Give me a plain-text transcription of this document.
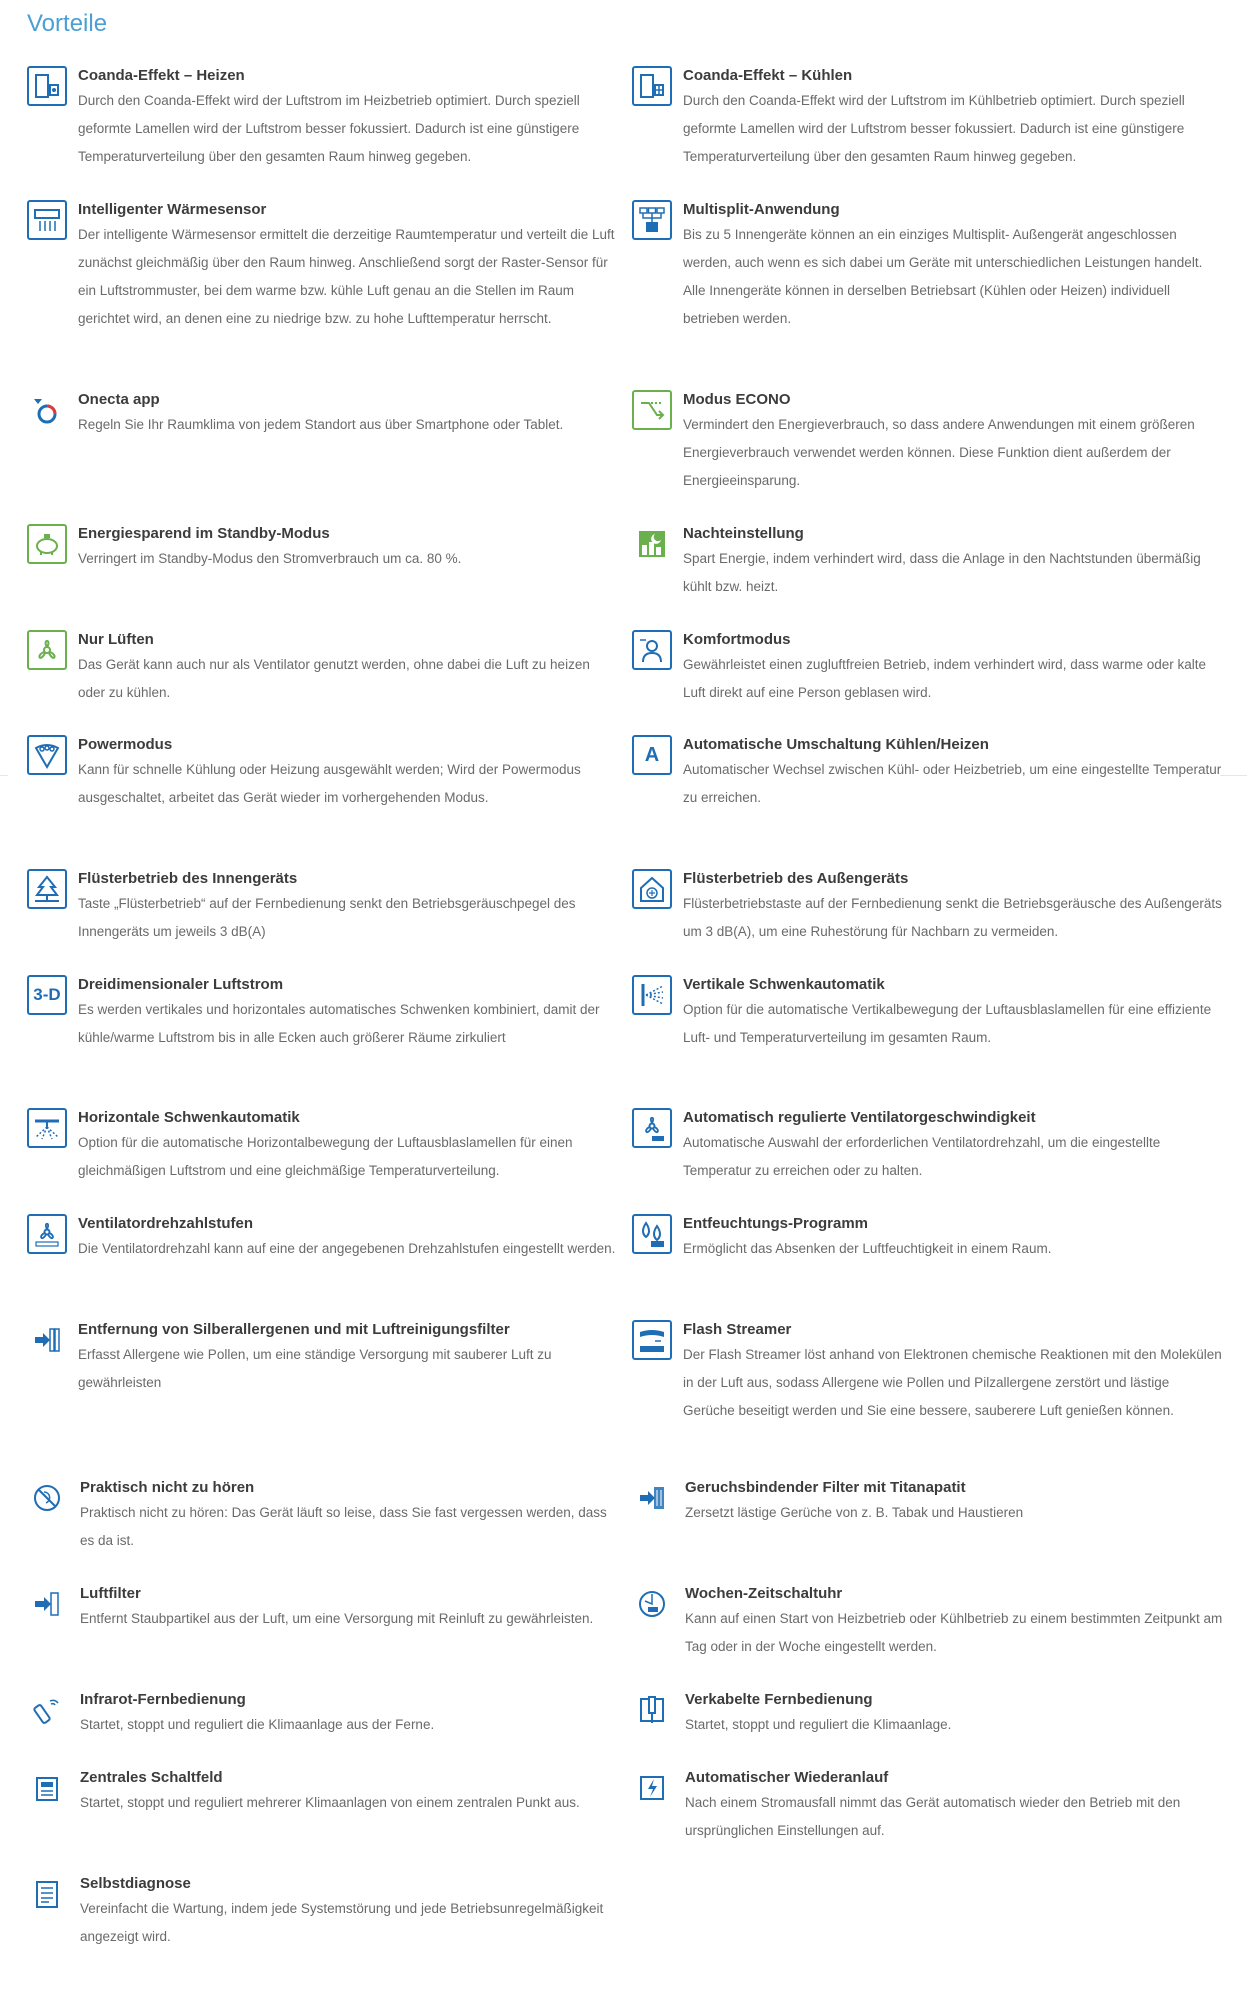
Vorteile
Coanda-Effekt – Heizen
Durch den Coanda-Effekt wird der Luftstrom im Heizbetrieb optimiert. Durch speziell geformte Lamellen wird der Luftstrom besser fokussiert. Dadurch ist eine günstigere Temperaturverteilung über den gesamten Raum hinweg gegeben.
Intelligenter Wärmesensor
Der intelligente Wärmesensor ermittelt die derzeitige Raumtemperatur und verteilt die Luft zunächst gleichmäßig über den Raum hinweg. Anschließend sorgt der Raster-Sensor für ein Luftstrommuster, bei dem warme bzw. kühle Luft genau an die Stellen im Raum gerichtet wird, an denen eine zu niedrige bzw. zu hohe Lufttemperatur herrscht.
Onecta app
Regeln Sie Ihr Raumklima von jedem Standort aus über Smartphone oder Tablet.
Energiesparend im Standby-Modus
Verringert im Standby-Modus den Stromverbrauch um ca. 80 %.
Nur Lüften
Das Gerät kann auch nur als Ventilator genutzt werden, ohne dabei die Luft zu heizen oder zu kühlen.
Powermodus
Kann für schnelle Kühlung oder Heizung ausgewählt werden; Wird der Powermodus ausgeschaltet, arbeitet das Gerät wieder im vorhergehenden Modus.
Flüsterbetrieb des Innengeräts
Taste „Flüsterbetrieb“ auf der Fernbedienung senkt den Betriebsgeräuschpegel des Innengeräts um jeweils 3 dB(A)
3-D
Dreidimensionaler Luftstrom
Es werden vertikales und horizontales automatisches Schwenken kombiniert, damit der kühle/warme Luftstrom bis in alle Ecken auch größerer Räume zirkuliert
Horizontale Schwenkautomatik
Option für die automatische Horizontalbewegung der Luftausblaslamellen für einen gleichmäßigen Luftstrom und eine gleichmäßige Temperaturverteilung.
Ventilatordrehzahlstufen
Die Ventilatordrehzahl kann auf eine der angegebenen Drehzahlstufen eingestellt werden.
Entfernung von Silberallergenen und mit Luftreinigungsfilter
Erfasst Allergene wie Pollen, um eine ständige Versorgung mit sauberer Luft zu gewährleisten
Praktisch nicht zu hören
Praktisch nicht zu hören: Das Gerät läuft so leise, dass Sie fast vergessen werden, dass es da ist.
Luftfilter
Entfernt Staubpartikel aus der Luft, um eine Versorgung mit Reinluft zu gewährleisten.
Infrarot-Fernbedienung
Startet, stoppt und reguliert die Klimaanlage aus der Ferne.
Zentrales Schaltfeld
Startet, stoppt und reguliert mehrerer Klimaanlagen von einem zentralen Punkt aus.
Selbstdiagnose
Vereinfacht die Wartung, indem jede Systemstörung und jede Betriebsunregelmäßigkeit angezeigt wird.
Coanda-Effekt – Kühlen
Durch den Coanda-Effekt wird der Luftstrom im Kühlbetrieb optimiert. Durch speziell geformte Lamellen wird der Luftstrom besser fokussiert. Dadurch ist eine günstigere Temperaturverteilung über den gesamten Raum hinweg gegeben.
Multisplit-Anwendung
Bis zu 5 Innengeräte können an ein einziges Multisplit- Außengerät angeschlossen werden, auch wenn es sich dabei um Geräte mit unterschiedlichen Leistungen handelt. Alle Innengeräte können in derselben Betriebsart (Kühlen oder Heizen) individuell betrieben werden.
Modus ECONO
Vermindert den Energieverbrauch, so dass andere Anwendungen mit einem größeren Energieverbrauch verwendet werden können. Diese Funktion dient außerdem der Energieeinsparung.
Nachteinstellung
Spart Energie, indem verhindert wird, dass die Anlage in den Nachtstunden übermäßig kühlt bzw. heizt.
Komfortmodus
Gewährleistet einen zugluftfreien Betrieb, indem verhindert wird, dass warme oder kalte Luft direkt auf eine Person geblasen wird.
A	Automatische Umschaltung Kühlen/Heizen
Automatischer Wechsel zwischen Kühl- oder Heizbetrieb, um eine eingestellte Temperatur zu erreichen.
Flüsterbetrieb des Außengeräts
Flüsterbetriebstaste auf der Fernbedienung senkt die Betriebsgeräusche des Außengeräts um 3 dB(A), um eine Ruhestörung für Nachbarn zu vermeiden.
Vertikale Schwenkautomatik
Option für die automatische Vertikalbewegung der Luftausblaslamellen für eine effiziente Luft- und Temperaturverteilung im gesamten Raum.
Automatisch regulierte Ventilatorgeschwindigkeit
Automatische Auswahl der erforderlichen Ventilatordrehzahl, um die eingestellte Temperatur zu erreichen oder zu halten.
Entfeuchtungs-Programm
Ermöglicht das Absenken der Luftfeuchtigkeit in einem Raum.
Flash Streamer
Der Flash Streamer löst anhand von Elektronen chemische Reaktionen mit den Molekülen in der Luft aus, sodass Allergene wie Pollen und Pilzallergene zerstört und lästige Gerüche beseitigt werden und Sie eine bessere, sauberere Luft genießen können.
Geruchsbindender Filter mit Titanapatit
Zersetzt lästige Gerüche von z. B. Tabak und Haustieren
Wochen-Zeitschaltuhr
Kann auf einen Start von Heizbetrieb oder Kühlbetrieb zu einem bestimmten Zeitpunkt am Tag oder in der Woche eingestellt werden.
Verkabelte Fernbedienung
Startet, stoppt und reguliert die Klimaanlage.
Automatischer Wiederanlauf
Nach einem Stromausfall nimmt das Gerät automatisch wieder den Betrieb mit den ursprünglichen Einstellungen auf.
